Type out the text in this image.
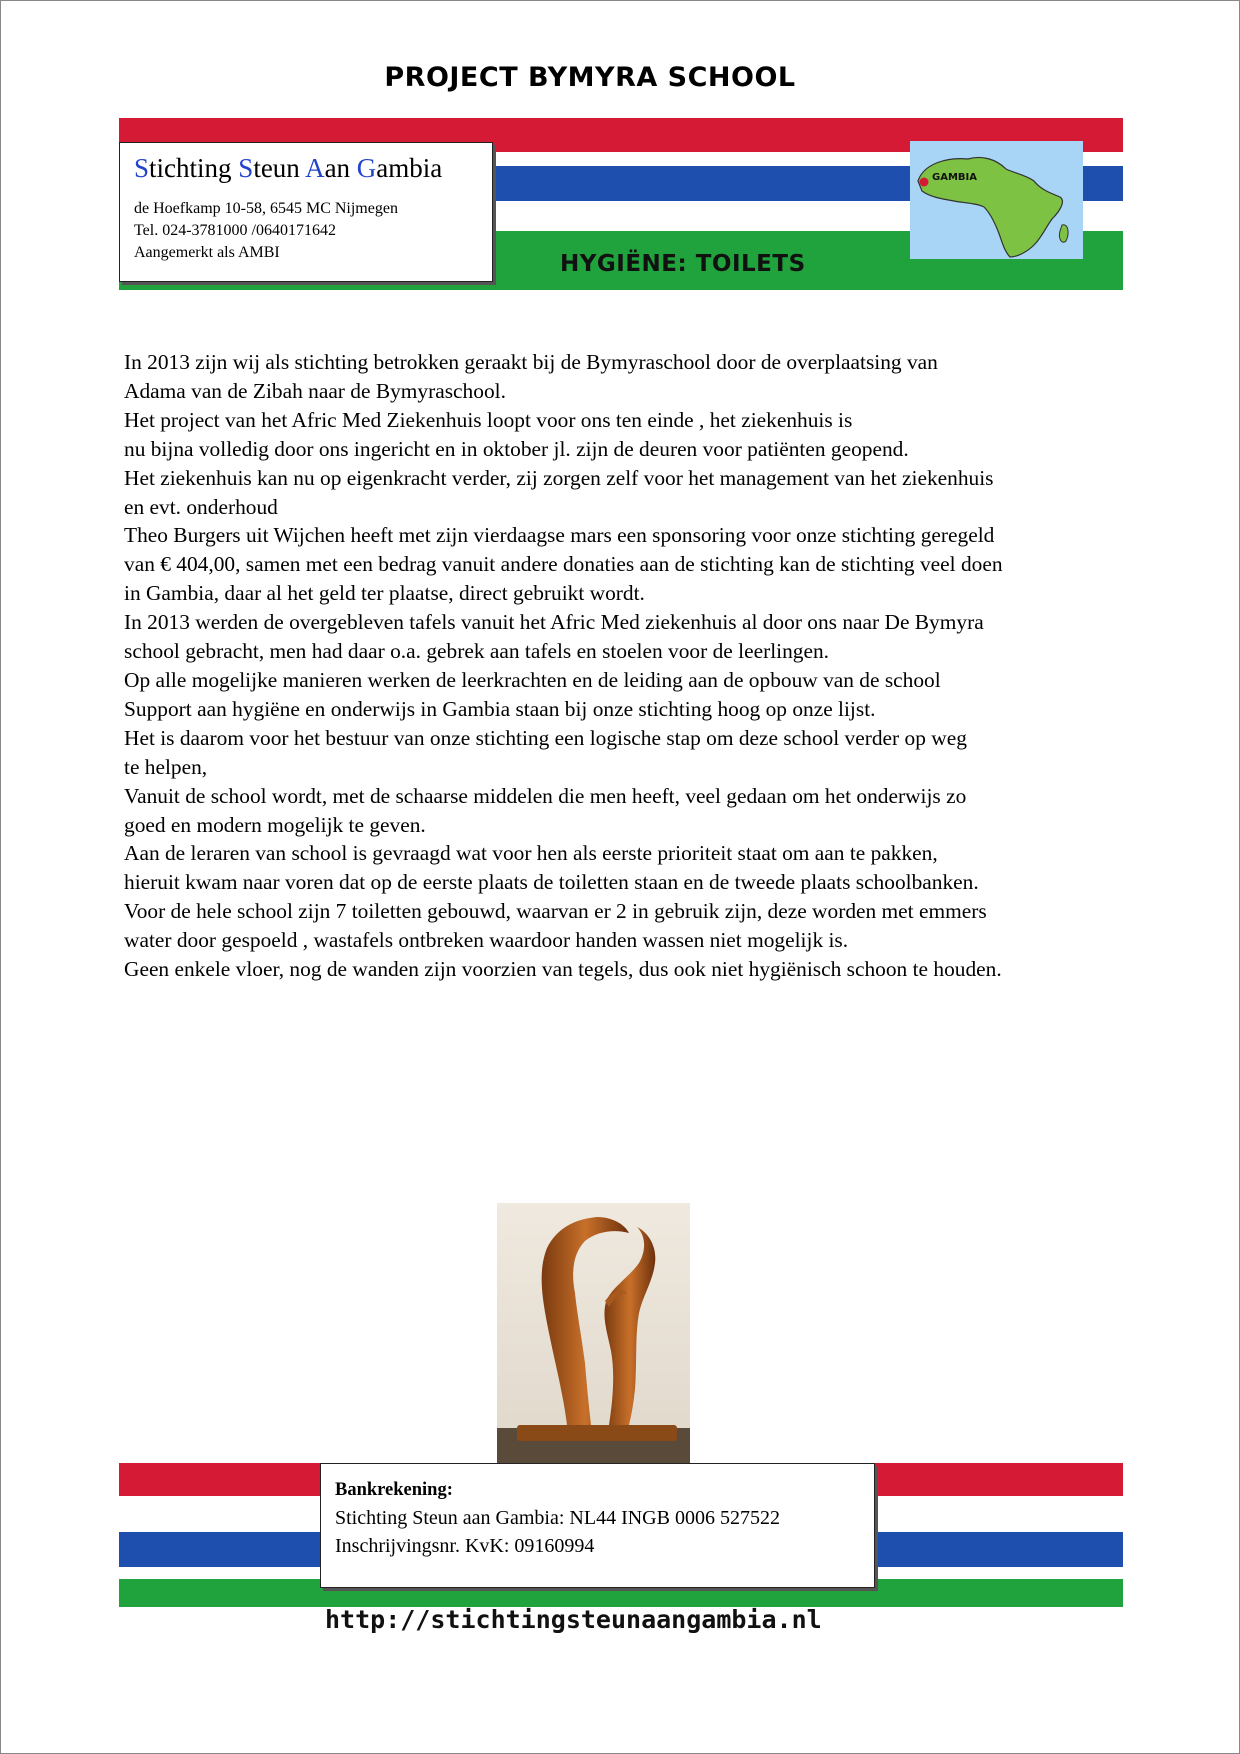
PROJECT BYMYRA SCHOOL
Stichting Steun Aan Gambia
de Hoefkamp 10-58, 6545 MC Nijmegen
Tel. 024-3781000 /0640171642
Aangemerkt als AMBI	HYGIËNE: TOILETS
GAMBIA
In 2013 zijn wij als stichting betrokken geraakt bij de Bymyraschool door de overplaatsing van
Adama van de Zibah naar de Bymyraschool.
Het project van het Afric Med Ziekenhuis loopt voor ons ten einde , het ziekenhuis is
nu bijna volledig door ons ingericht en in oktober jl. zijn de deuren voor patiënten geopend.
Het ziekenhuis kan nu op eigenkracht verder, zij zorgen zelf voor het management van het ziekenhuis
en evt. onderhoud
Theo Burgers uit Wijchen heeft met zijn vierdaagse mars een sponsoring voor onze stichting geregeld
van € 404,00, samen met een bedrag vanuit andere donaties aan de stichting kan de stichting veel doen
in Gambia, daar al het geld ter plaatse, direct gebruikt wordt.
In 2013 werden de overgebleven tafels vanuit het Afric Med ziekenhuis al door ons naar De Bymyra
school gebracht, men had daar o.a. gebrek aan tafels en stoelen voor de leerlingen.
Op alle mogelijke manieren werken de leerkrachten en de leiding aan de opbouw van de school
Support aan hygiëne en onderwijs in Gambia staan bij onze stichting hoog op onze lijst.
Het is daarom voor het bestuur van onze stichting een logische stap om deze school verder op weg
te helpen,
Vanuit de school wordt, met de schaarse middelen die men heeft, veel gedaan om het onderwijs zo
goed en modern mogelijk te geven.
Aan de leraren van school is gevraagd wat voor hen als eerste prioriteit staat om aan te pakken,
hieruit kwam naar voren dat op de eerste plaats de toiletten staan en de tweede plaats schoolbanken.
Voor de hele school zijn 7 toiletten gebouwd, waarvan er 2 in gebruik zijn, deze worden met emmers
water door gespoeld , wastafels ontbreken waardoor handen wassen niet mogelijk is.
Geen enkele vloer, nog de wanden zijn voorzien van tegels, dus ook niet hygiënisch schoon te houden.
Bankrekening:
Stichting Steun aan Gambia: NL44 INGB 0006 527522
Inschrijvingsnr. KvK: 09160994
http://stichtingsteunaangambia.nl
